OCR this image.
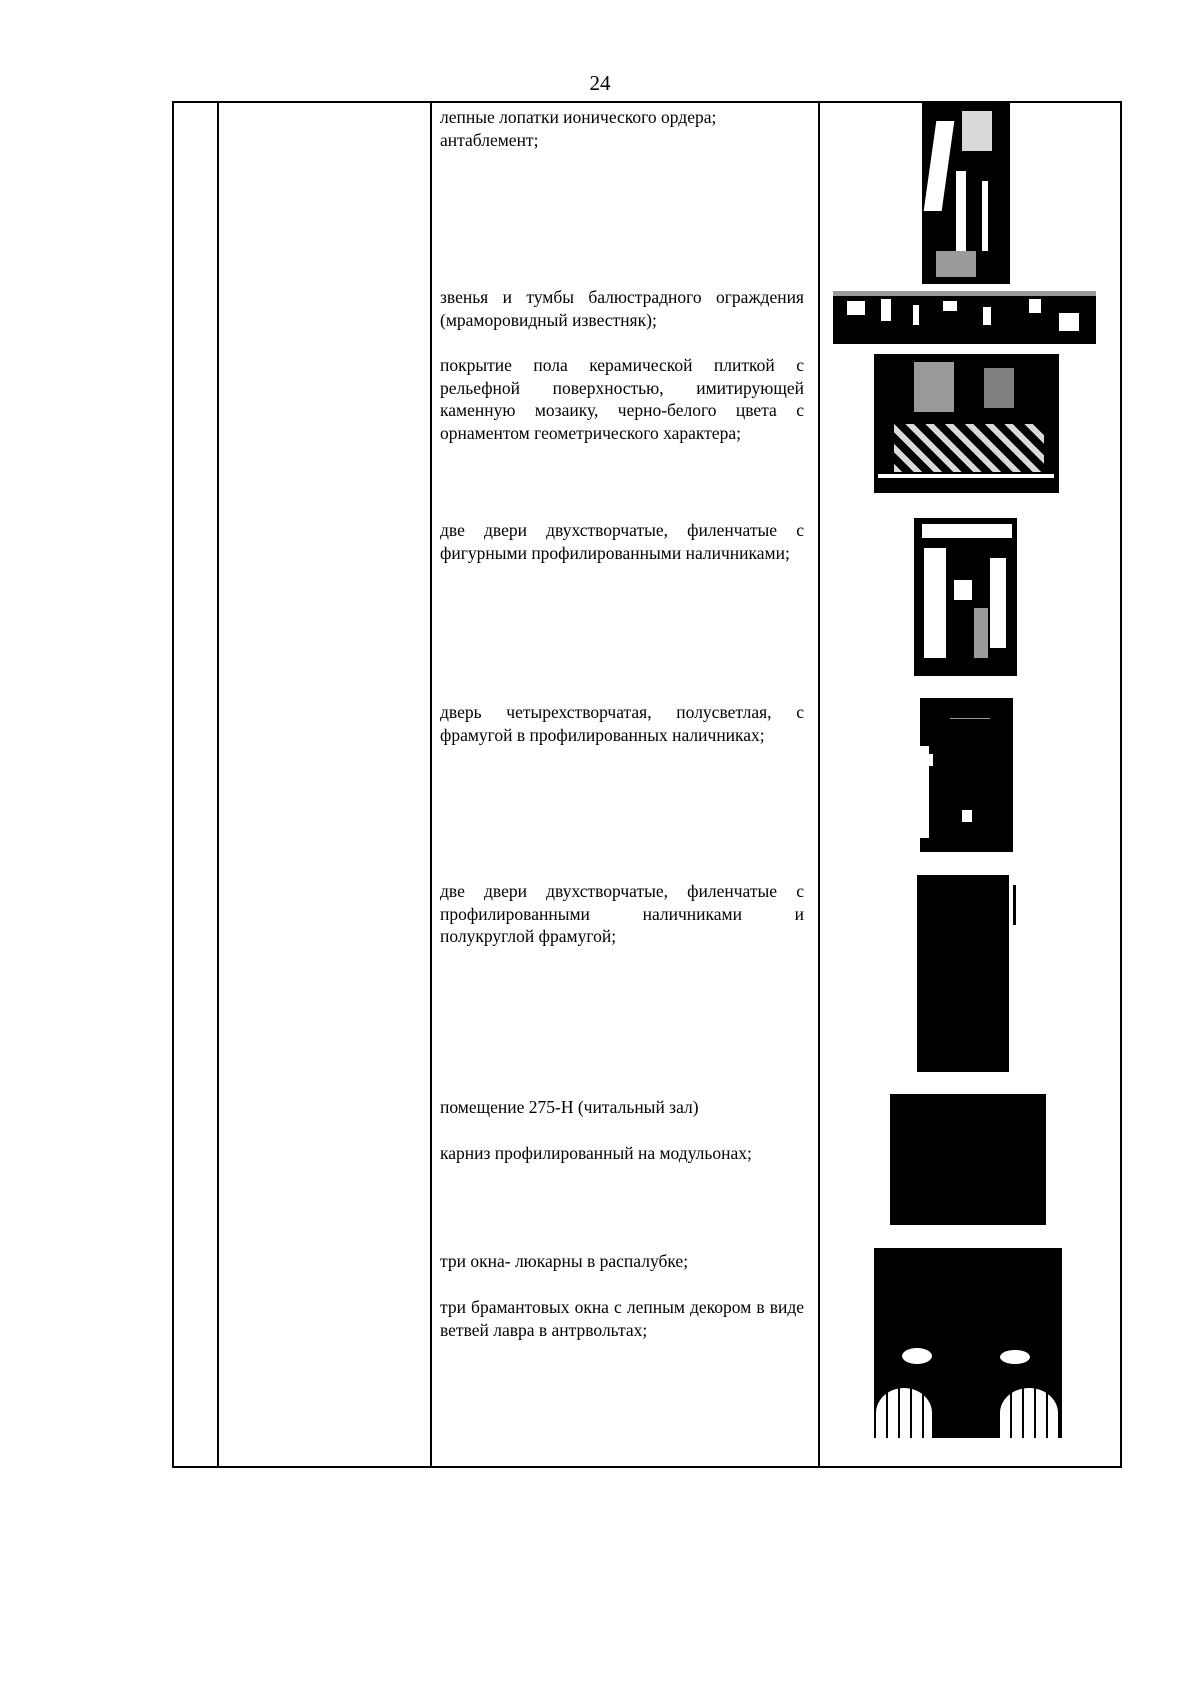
24
лепные лопатки ионического ордера; антаблемент;
звенья и тумбы балюстрадного ограждения (мраморовидный известняк);
покрытие пола керамической плиткой с рельефной поверхностью, имитирующей каменную мозаику, черно-белого цвета с орнаментом геометрического характера;
две двери двухстворчатые, филенчатые с фигурными профилированными наличниками;
дверь четырехстворчатая, полусветлая, с фрамугой в профилированных наличниках;
две двери двухстворчатые, филенчатые с профилированными наличниками и полукруглой фрамугой;
помещение 275-Н (читальный зал)
карниз профилированный на модульонах;
три окна- люкарны в распалубке;
три брамантовых окна с лепным декором в виде ветвей лавра в антрвольтах;
